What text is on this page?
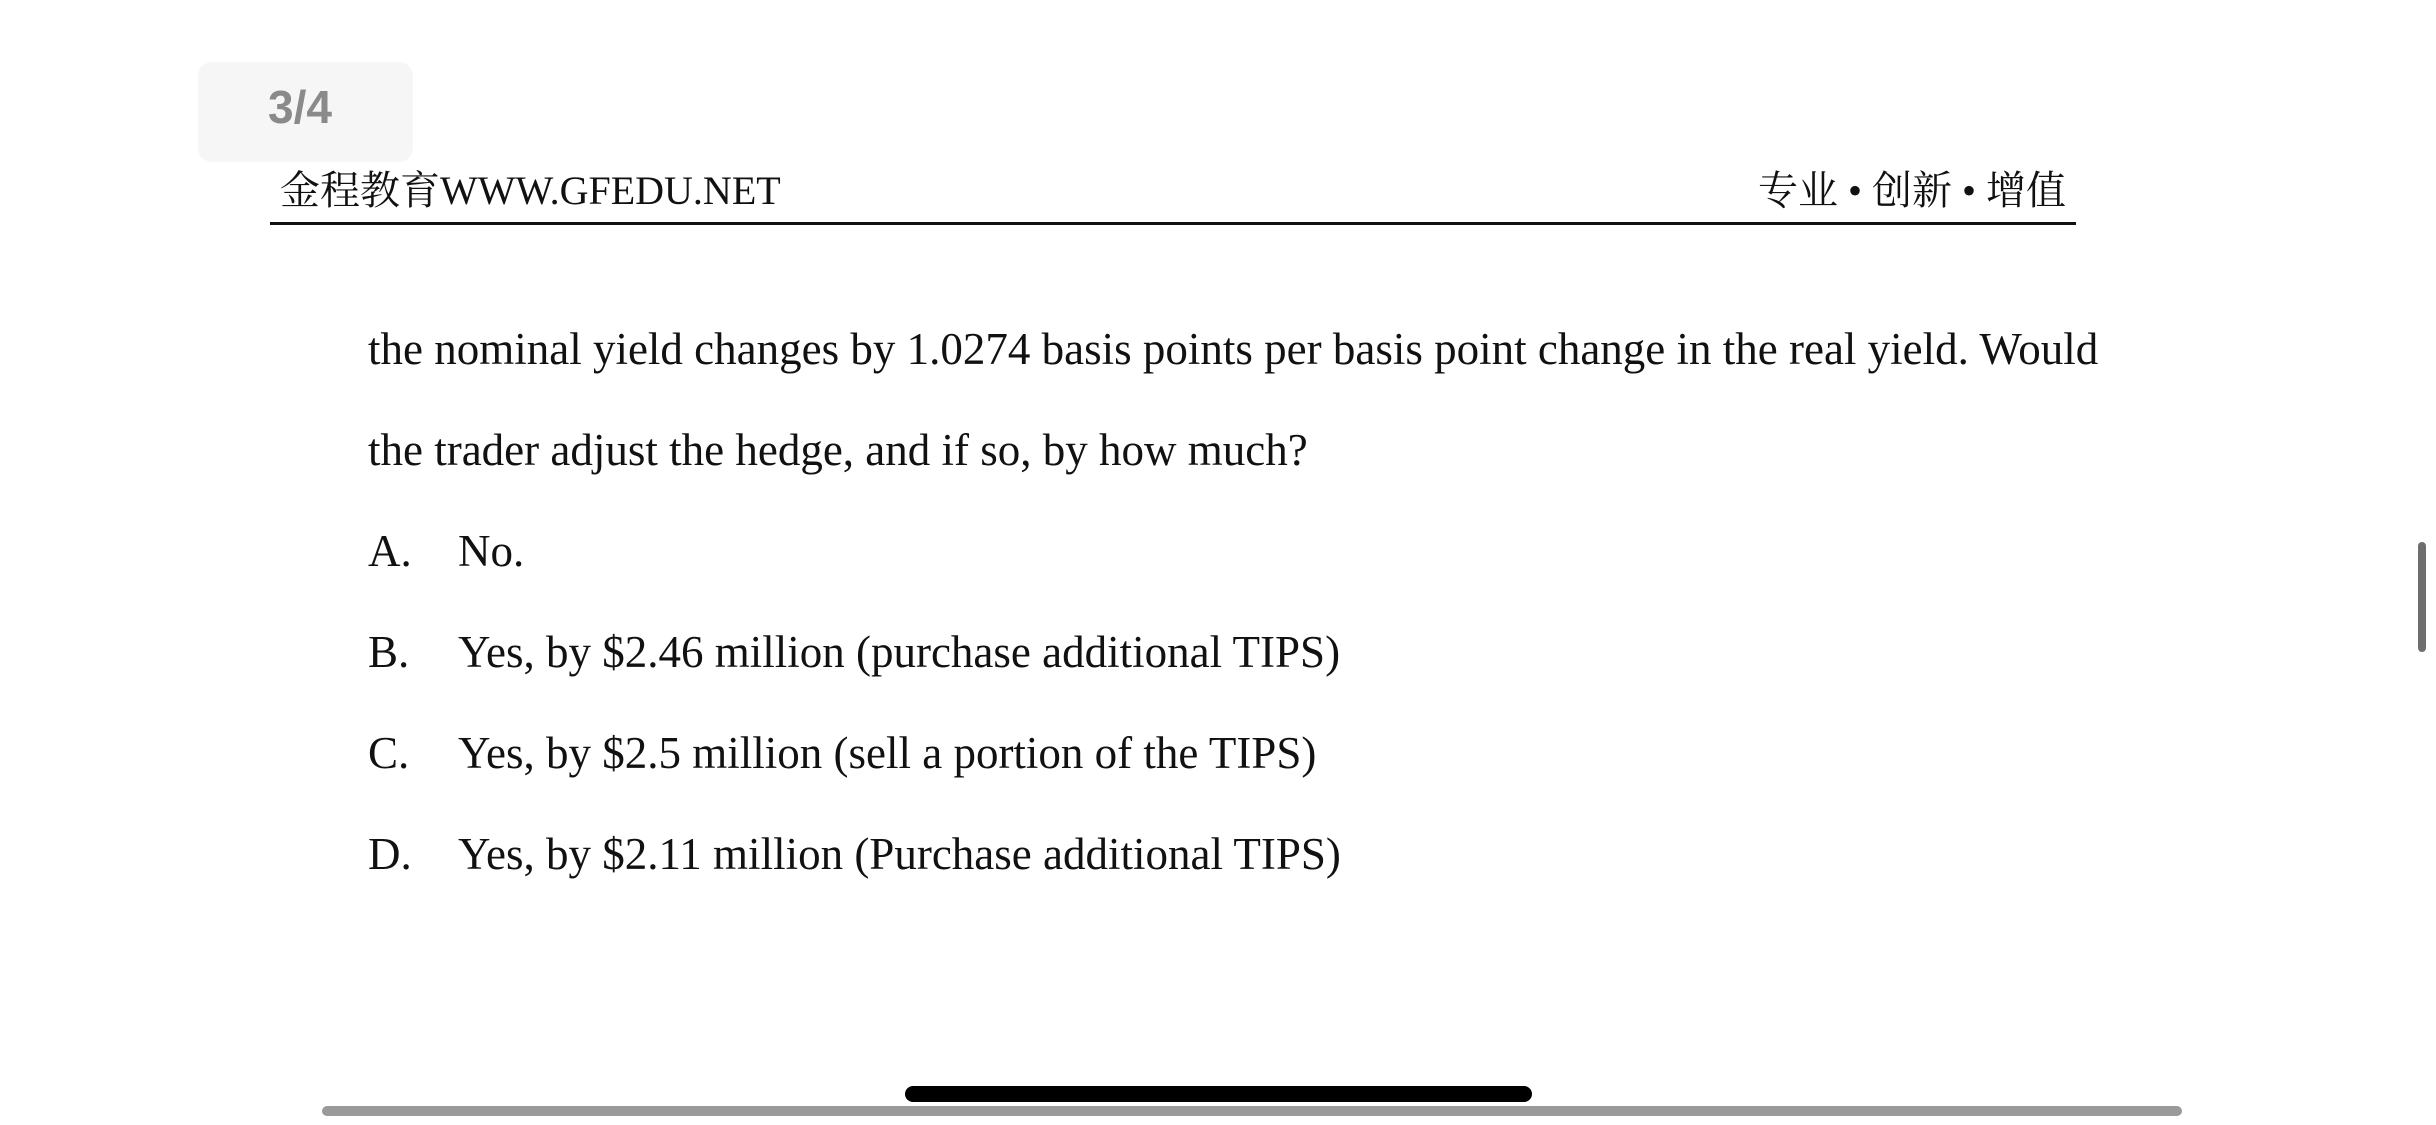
3/4
金程教育WWW.GFEDU.NET	专业 • 创新 • 增值
the nominal yield changes by 1.0274 basis points per basis point change in the real yield. Would
the trader adjust the hedge, and if so, by how much?
A. No.
B. Yes, by $2.46 million (purchase additional TIPS)
C. Yes, by $2.5 million (sell a portion of the TIPS)
D. Yes, by $2.11 million (Purchase additional TIPS)
